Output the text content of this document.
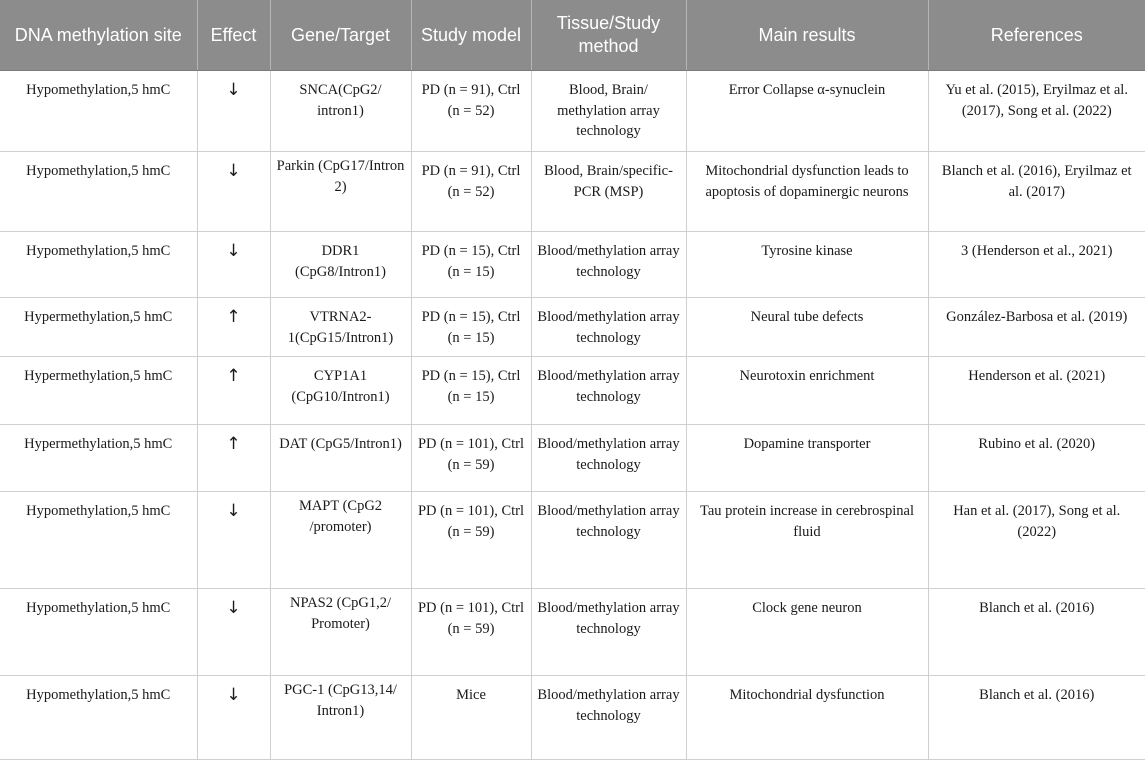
DNA methylation site	Effect	Gene/Target	Study model	Tissue/Study method	Main results	References
Hypomethylation,5 hmC	↓	SNCA(CpG2/ intron1)	PD (n = 91), Ctrl (n = 52)	Blood, Brain/ methylation array technology	Error Collapse α-synuclein	Yu et al. (2015), Eryilmaz et al. (2017), Song et al. (2022)
Hypomethylation,5 hmC	↓	Parkin (CpG17/Intron 2)	PD (n = 91), Ctrl (n = 52)	Blood, Brain/specific-PCR (MSP)	Mitochondrial dysfunction leads to apoptosis of dopaminergic neurons	Blanch et al. (2016), Eryilmaz et al. (2017)
Hypomethylation,5 hmC	↓	DDR1 (CpG8/Intron1)	PD (n = 15), Ctrl (n = 15)	Blood/methylation array technology	Tyrosine kinase	3 (Henderson et al., 2021)
Hypermethylation,5 hmC	↑	VTRNA2-1(CpG15/Intron1)	PD (n = 15), Ctrl (n = 15)	Blood/methylation array technology	Neural tube defects	González-Barbosa et al. (2019)
Hypermethylation,5 hmC	↑	CYP1A1 (CpG10/Intron1)	PD (n = 15), Ctrl (n = 15)	Blood/methylation array technology	Neurotoxin enrichment	Henderson et al. (2021)
Hypermethylation,5 hmC	↑	DAT (CpG5/Intron1)	PD (n = 101), Ctrl (n = 59)	Blood/methylation array technology	Dopamine transporter	Rubino et al. (2020)
Hypomethylation,5 hmC	↓	MAPT (CpG2 /promoter)	PD (n = 101), Ctrl (n = 59)	Blood/methylation array technology	Tau protein increase in cerebrospinal fluid	Han et al. (2017), Song et al. (2022)
Hypomethylation,5 hmC	↓	NPAS2 (CpG1,2/ Promoter)	PD (n = 101), Ctrl (n = 59)	Blood/methylation array technology	Clock gene neuron	Blanch et al. (2016)
Hypomethylation,5 hmC	↓	PGC-1 (CpG13,14/ Intron1)	Mice	Blood/methylation array technology	Mitochondrial dysfunction	Blanch et al. (2016)
